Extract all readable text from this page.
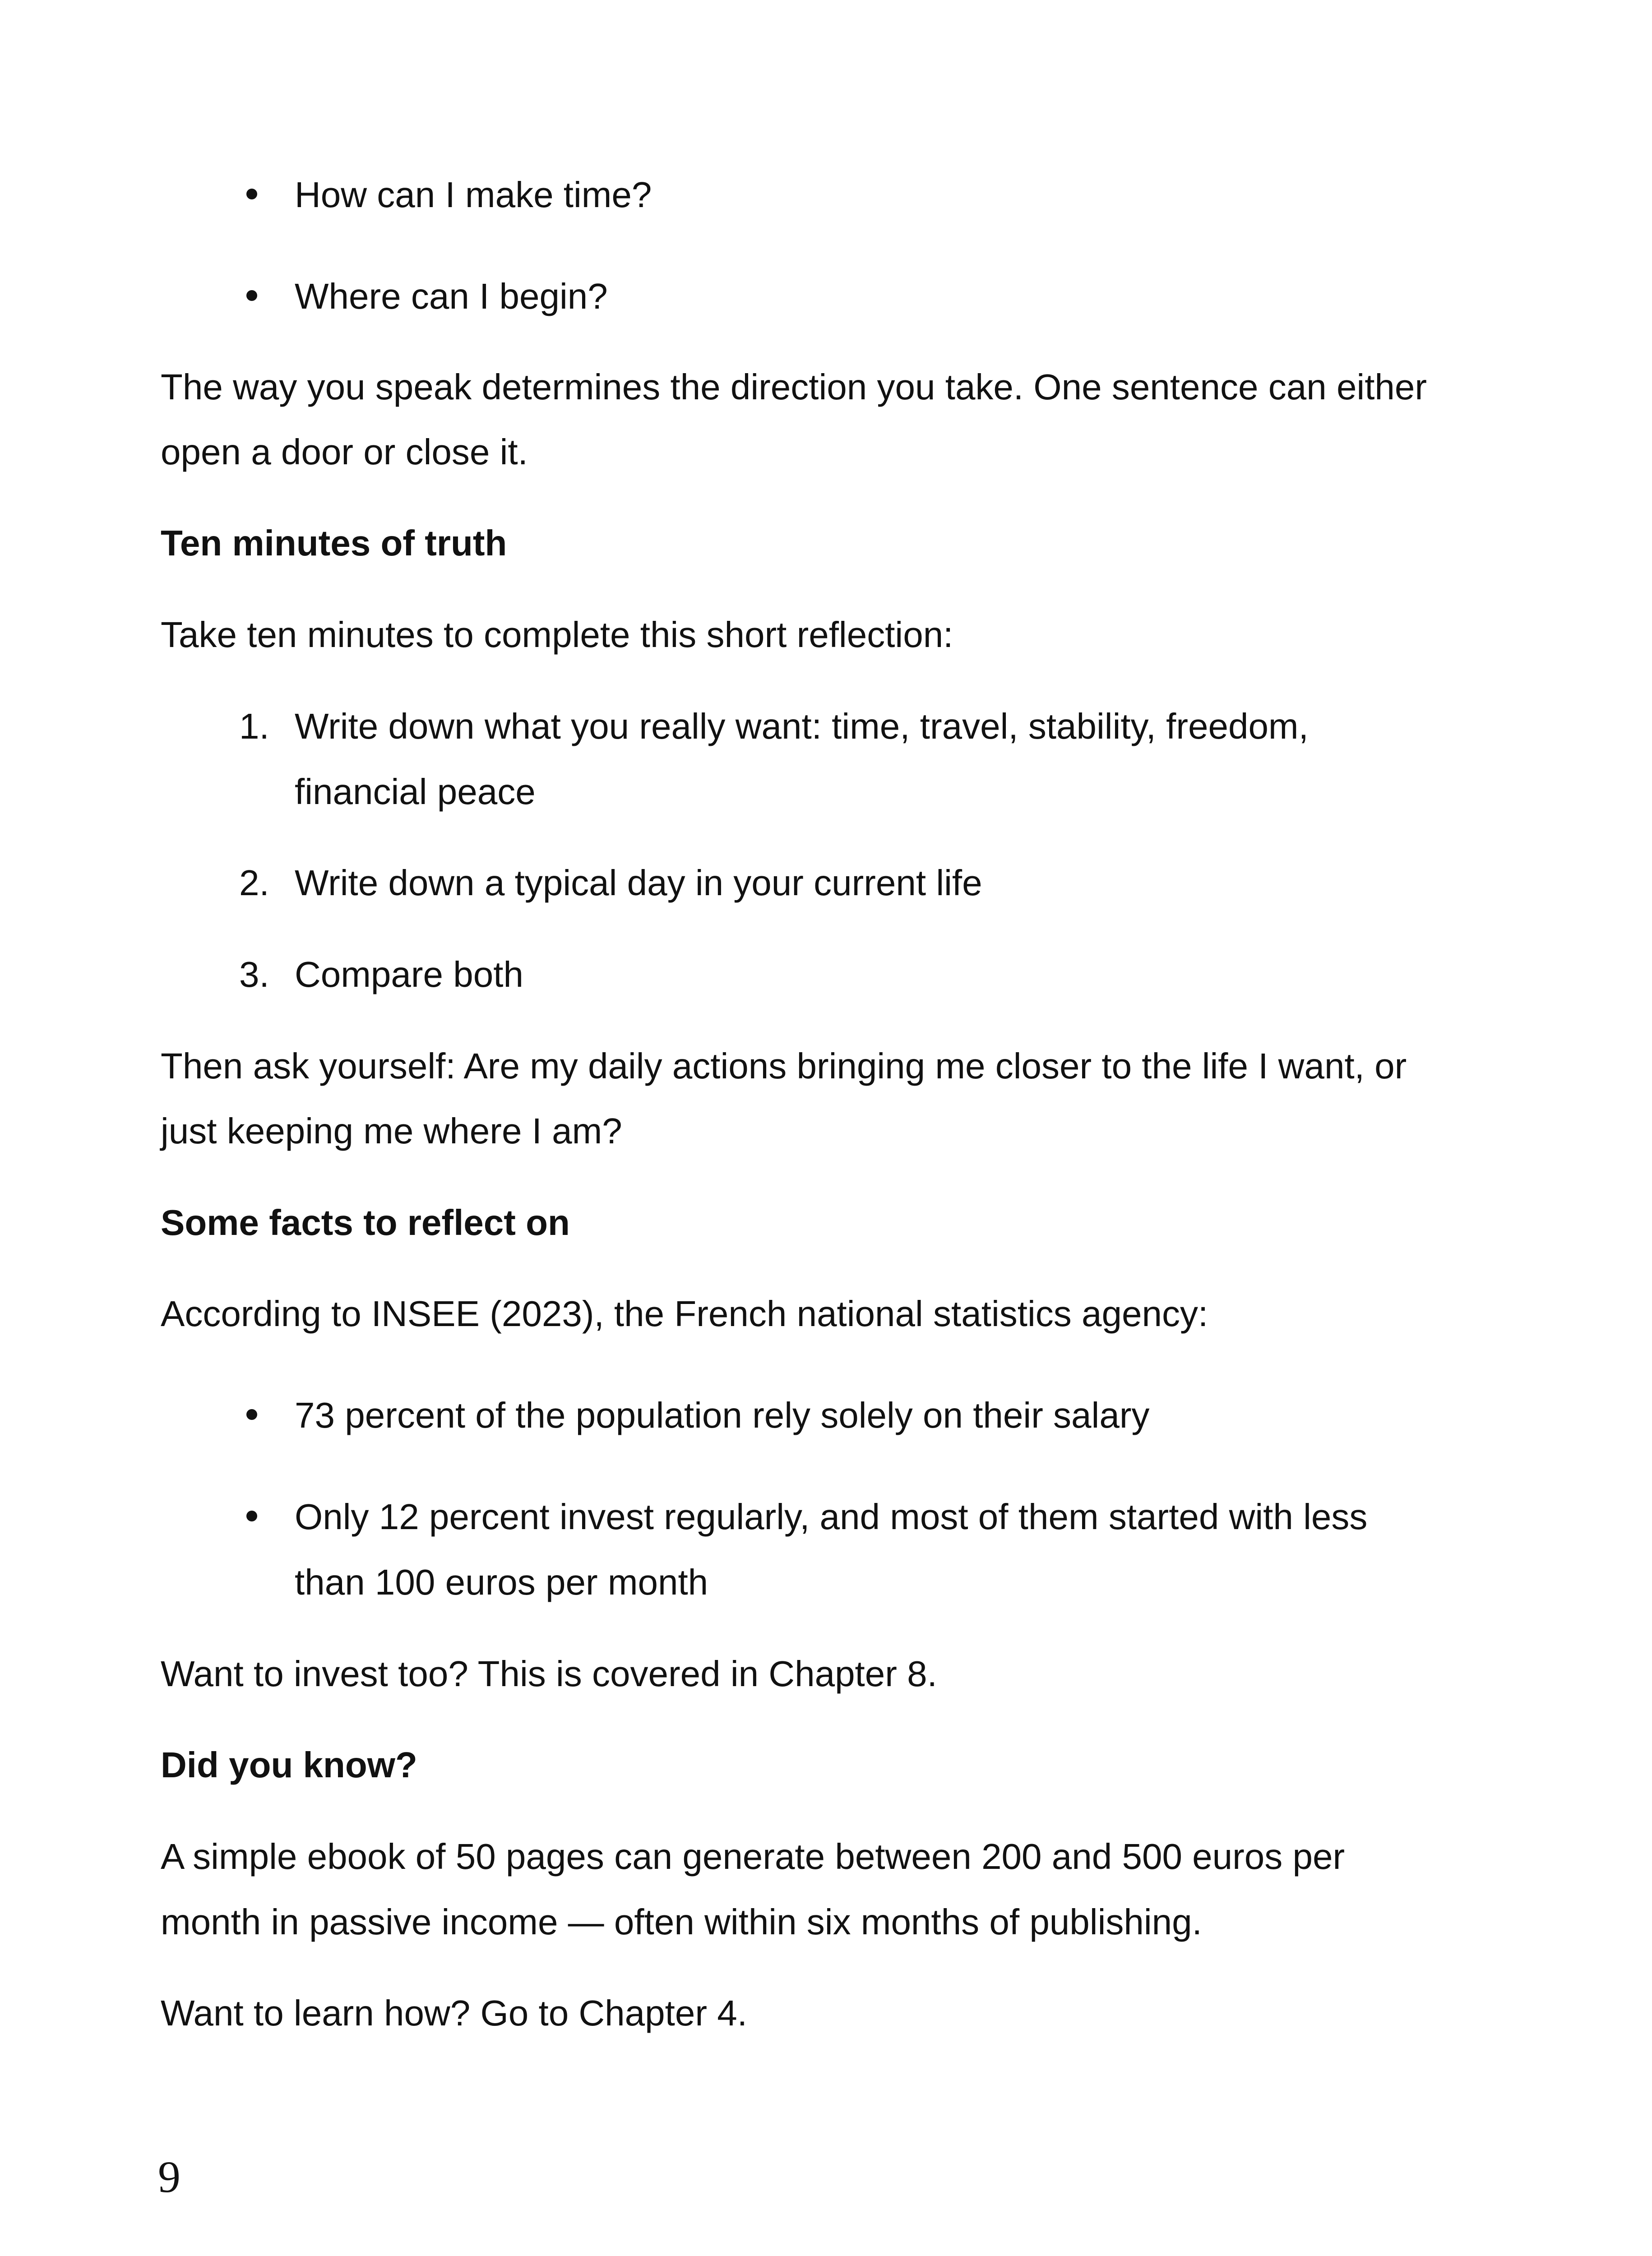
How can I make time?

Where can I begin?

The way you speak determines the direction you take. One sentence can either

open a door or close it.

Ten minutes of truth

Take ten minutes to complete this short reflection:

1. Write down what you really want: time, travel, stability, freedom,

financial peace

2. Write down a typical day in your current life

3. Compare both

Then ask yourself: Are my daily actions bringing me closer to the life I want, or

just keeping me where I am?

Some facts to reflect on

According to INSEE (2023), the French national statistics agency:

73 percent of the population rely solely on their salary

Only 12 percent invest regularly, and most of them started with less

than 100 euros per month

Want to invest too? This is covered in Chapter 8.

Did you know?

A simple ebook of 50 pages can generate between 200 and 500 euros per

month in passive income — often within six months of publishing.

Want to learn how? Go to Chapter 4.

9
